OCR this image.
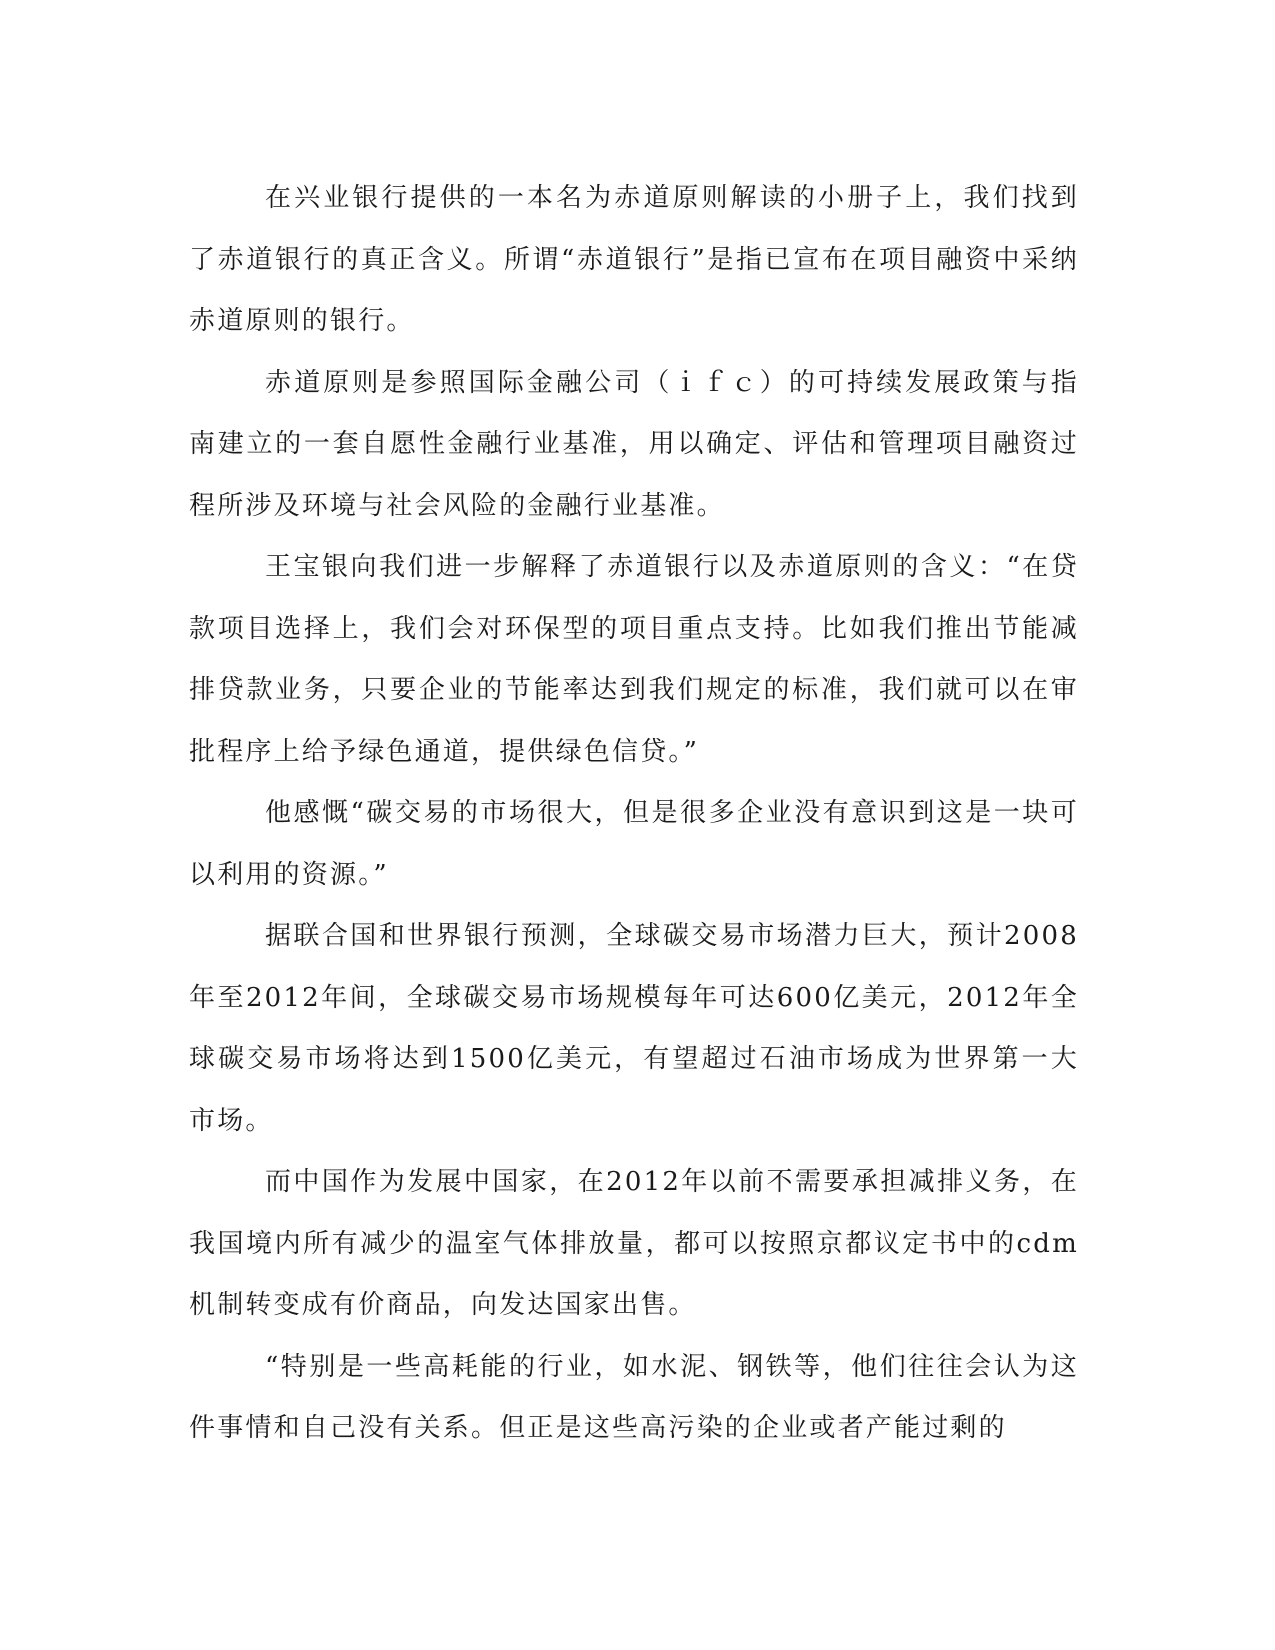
在兴业银行提供的一本名为赤道原则解读的小册子上，我们找到了赤道银行的真正含义。所谓“赤道银行”是指已宣布在项目融资中采纳赤道原则的银行。

赤道原则是参照国际金融公司（ｉｆｃ）的可持续发展政策与指南建立的一套自愿性金融行业基准，用以确定、评估和管理项目融资过程所涉及环境与社会风险的金融行业基准。

王宝银向我们进一步解释了赤道银行以及赤道原则的含义：“在贷款项目选择上，我们会对环保型的项目重点支持。比如我们推出节能减排贷款业务，只要企业的节能率达到我们规定的标准，我们就可以在审批程序上给予绿色通道，提供绿色信贷。”

他感慨“碳交易的市场很大，但是很多企业没有意识到这是一块可以利用的资源。”

据联合国和世界银行预测，全球碳交易市场潜力巨大，预计2008年至2012年间，全球碳交易市场规模每年可达600亿美元，2012年全球碳交易市场将达到1500亿美元，有望超过石油市场成为世界第一大市场。

而中国作为发展中国家，在2012年以前不需要承担减排义务，在我国境内所有减少的温室气体排放量，都可以按照京都议定书中的cdm机制转变成有价商品，向发达国家出售。

“特别是一些高耗能的行业，如水泥、钢铁等，他们往往会认为这件事情和自己没有关系。但正是这些高污染的企业或者产能过剩的
